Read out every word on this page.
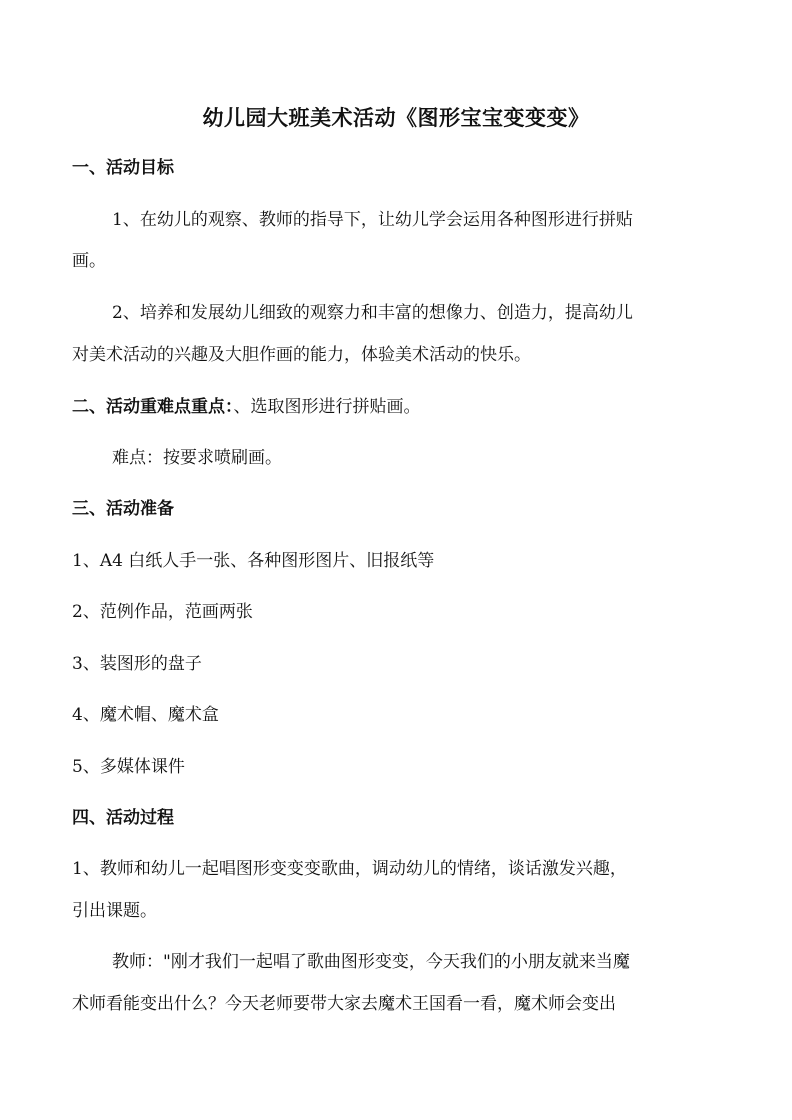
幼儿园大班美术活动《图形宝宝变变变》
一、活动目标
1、在幼儿的观察、教师的指导下，让幼儿学会运用各种图形进行拼贴
画。
2、培养和发展幼儿细致的观察力和丰富的想像力、创造力，提高幼儿
对美术活动的兴趣及大胆作画的能力，体验美术活动的快乐。
二、活动重难点重点：、选取图形进行拼贴画。
难点：按要求喷刷画。
三、活动准备
1、A4 白纸人手一张、各种图形图片、旧报纸等
2、范例作品，范画两张
3、装图形的盘子
4、魔术帽、魔术盒
5、多媒体课件
四、活动过程
1、教师和幼儿一起唱图形变变变歌曲，调动幼儿的情绪，谈话激发兴趣，
引出课题。
教师："刚才我们一起唱了歌曲图形变变，今天我们的小朋友就来当魔
术师看能变出什么？今天老师要带大家去魔术王国看一看，魔术师会变出
